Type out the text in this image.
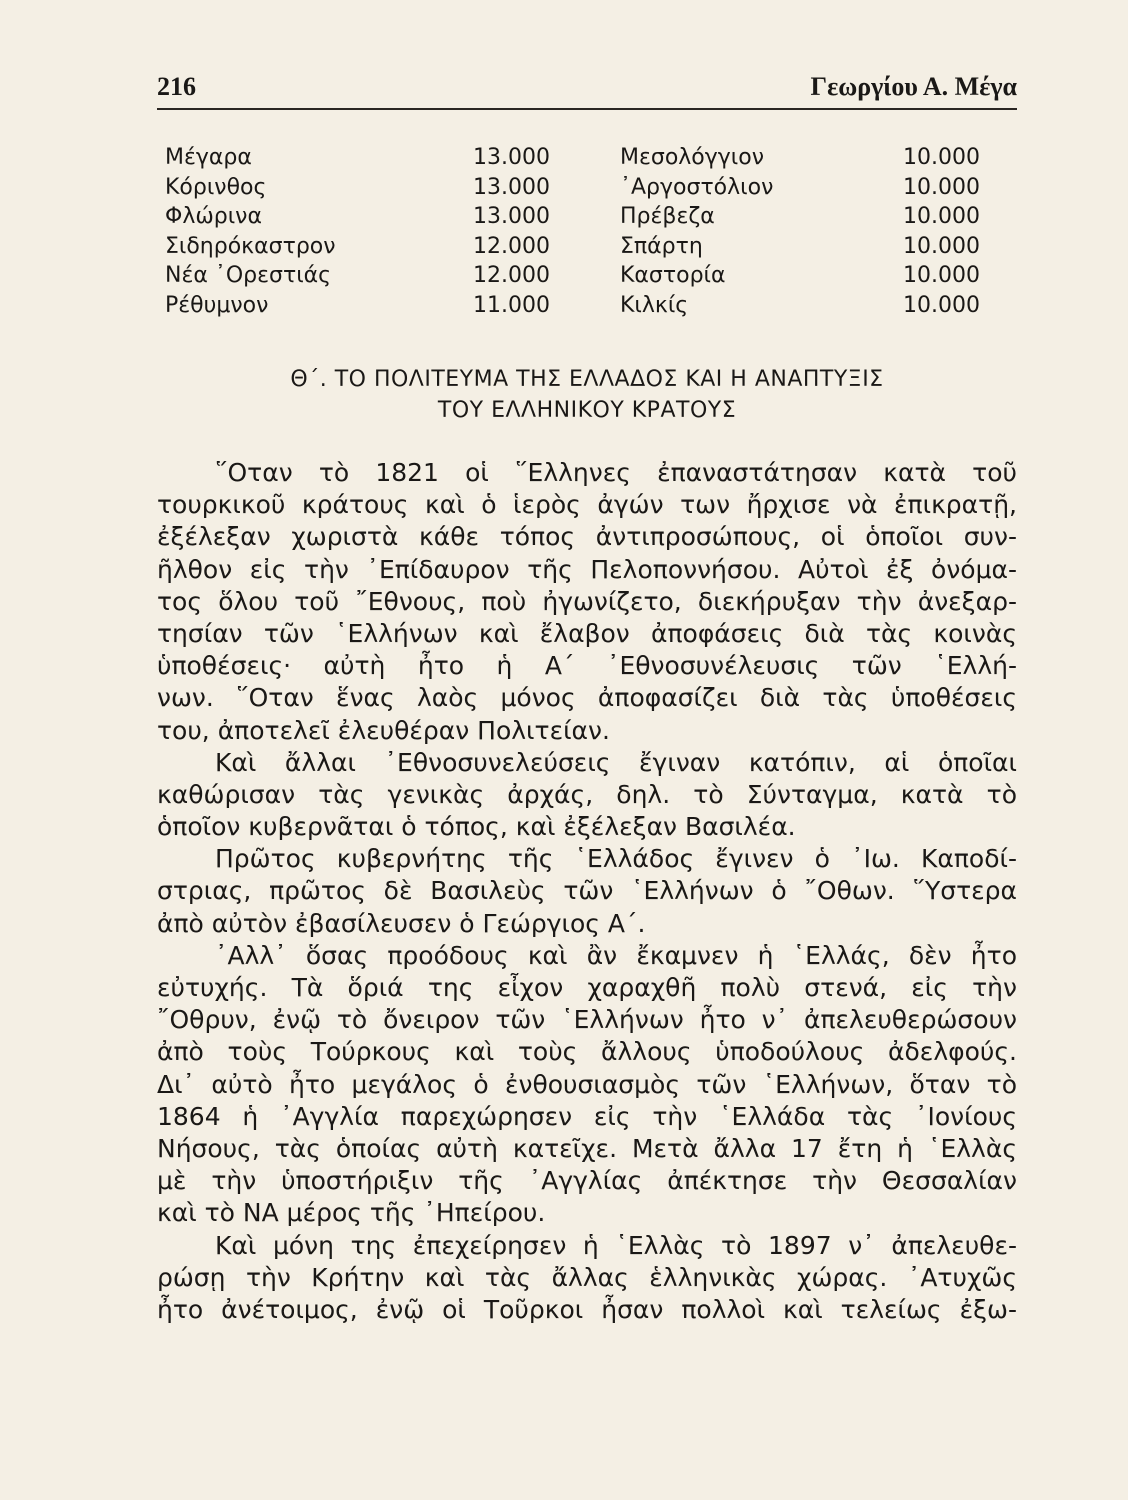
216	Γεωργίου Α. Μέγα
Μέγαρα	13.000	Μεσολόγγιον	10.000
Κόρινθος	13.000	᾿Αργοστόλιον	10.000
Φλώρινα	13.000	Πρέβεζα	10.000
Σιδηρόκαστρον	12.000	Σπάρτη	10.000
Νέα ᾿Ορεστιάς	12.000	Καστορία	10.000
Ρέθυμνον	11.000	Κιλκίς	10.000
Θ΄. ΤΟ ΠΟΛΙΤΕΥΜΑ ΤΗΣ ΕΛΛΑΔΟΣ ΚΑΙ Η ΑΝΑΠΤΥΞΙΣ
ΤΟΥ ΕΛΛΗΝΙΚΟΥ ΚΡΑΤΟΥΣ
῞Οταν τὸ 1821 οἱ ῞Ελληνες ἐπαναστάτησαν κατὰ τοῦ
τουρκικοῦ κράτους καὶ ὁ ἱερὸς ἀγών των ἤρχισε νὰ ἐπικρατῇ,
ἐξέλεξαν χωριστὰ κάθε τόπος ἀντιπροσώπους, οἱ ὁποῖοι συν-
ῆλθον εἰς τὴν ᾿Επίδαυρον τῆς Πελοποννήσου. Αὐτοὶ ἐξ ὀνόμα-
τος ὅλου τοῦ ῎Εθνους, ποὺ ἠγωνίζετο, διεκήρυξαν τὴν ἀνεξαρ-
τησίαν τῶν ῾Ελλήνων καὶ ἔλαβον ἀποφάσεις διὰ τὰς κοινὰς
ὑποθέσεις· αὐτὴ ἦτο ἡ Α΄ ᾿Εθνοσυνέλευσις τῶν ῾Ελλή-
νων. ῞Οταν ἕνας λαὸς μόνος ἀποφασίζει διὰ τὰς ὑποθέσεις
του, ἀποτελεῖ ἐλευθέραν Πολιτείαν.
Καὶ ἄλλαι ᾿Εθνοσυνελεύσεις ἔγιναν κατόπιν, αἱ ὁποῖαι
καθώρισαν τὰς γενικὰς ἀρχάς, δηλ. τὸ Σύνταγμα, κατὰ τὸ
ὁποῖον κυβερνᾶται ὁ τόπος, καὶ ἐξέλεξαν Βασιλέα.
Πρῶτος κυβερνήτης τῆς ῾Ελλάδος ἔγινεν ὁ ᾿Ιω. Καποδί-
στριας, πρῶτος δὲ Βασιλεὺς τῶν ῾Ελλήνων ὁ ῎Οθων. ῞Υστερα
ἀπὸ αὐτὸν ἐβασίλευσεν ὁ Γεώργιος Α΄.
᾿Αλλ᾿ ὅσας προόδους καὶ ἂν ἔκαμνεν ἡ ῾Ελλάς, δὲν ἦτο
εὐτυχής. Τὰ ὅριά της εἶχον χαραχθῆ πολὺ στενά, εἰς τὴν
῎Οθρυν, ἐνῷ τὸ ὄνειρον τῶν ῾Ελλήνων ἦτο ν᾿ ἀπελευθερώσουν
ἀπὸ τοὺς Τούρκους καὶ τοὺς ἄλλους ὑποδούλους ἀδελφούς.
Δι᾿ αὐτὸ ἦτο μεγάλος ὁ ἐνθουσιασμὸς τῶν ῾Ελλήνων, ὅταν τὸ
1864 ἡ ᾿Αγγλία παρεχώρησεν εἰς τὴν ῾Ελλάδα τὰς ᾿Ιονίους
Νήσους, τὰς ὁποίας αὐτὴ κατεῖχε. Μετὰ ἄλλα 17 ἔτη ἡ ῾Ελλὰς
μὲ τὴν ὑποστήριξιν τῆς ᾿Αγγλίας ἀπέκτησε τὴν Θεσσαλίαν
καὶ τὸ ΝΑ μέρος τῆς ᾿Ηπείρου.
Καὶ μόνη της ἐπεχείρησεν ἡ ῾Ελλὰς τὸ 1897 ν᾿ ἀπελευθε-
ρώσῃ τὴν Κρήτην καὶ τὰς ἄλλας ἑλληνικὰς χώρας. ᾿Ατυχῶς
ἦτο ἀνέτοιμος, ἐνῷ οἱ Τοῦρκοι ἦσαν πολλοὶ καὶ τελείως ἐξω-
